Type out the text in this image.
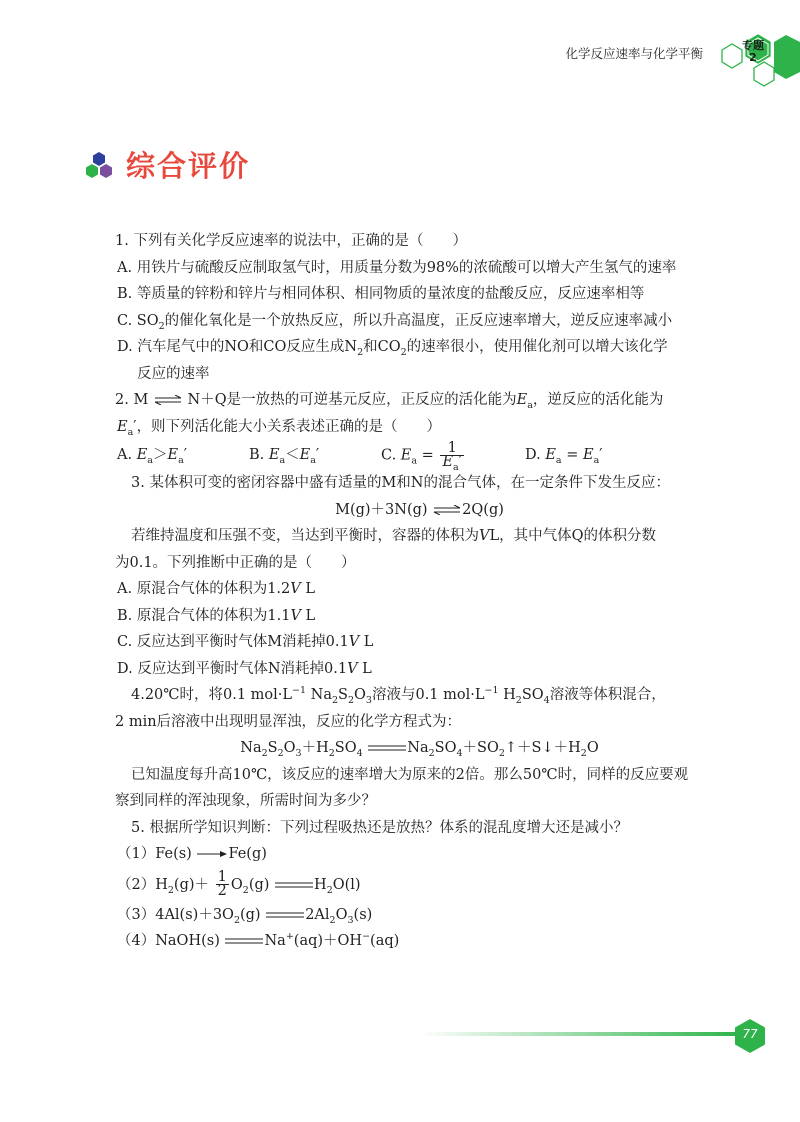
化学反应速率与化学平衡
专题
2
综合评价
1. 下列有关化学反应速率的说法中，正确的是（　　）
A. 用铁片与硫酸反应制取氢气时，用质量分数为98%的浓硫酸可以增大产生氢气的速率
B. 等质量的锌粉和锌片与相同体积、相同物质的量浓度的盐酸反应，反应速率相等
C. $SO_2$的催化氧化是一个放热反应，所以升高温度，正反应速率增大，逆反应速率减小
D. 汽车尾气中的NO和CO反应生成$N_2$和$CO_2$的速率很小，使用催化剂可以增大该化学
反应的速率
2. M ⇌ N＋Q是一放热的可逆基元反应，正反应的活化能为$E_a$，逆反应的活化能为
$E_a'$，则下列活化能大小关系表述正确的是（　　）
A. $E_a>E_a'$	B. $E_a<E_a'$	C. $E_a = \frac{1}{E_a'}$	D. $E_a = E_a'$
3. 某体积可变的密闭容器中盛有适量的M和N的混合气体，在一定条件下发生反应：
M(g)＋3N(g) ⇌2Q(g)
若维持温度和压强不变，当达到平衡时，容器的体积为VL，其中气体Q的体积分数
为0.1。下列推断中正确的是（　　）
A. 原混合气体的体积为1.2V L
B. 原混合气体的体积为1.1V L
C. 反应达到平衡时气体M消耗掉0.1V L
D. 反应达到平衡时气体N消耗掉0.1V L
4.20℃时，将0.1 $mol\cdot L^{-1}$ $Na_2S_2O_3$溶液与0.1 $mol\cdot L^{-1}$ $H_2SO_4$溶液等体积混合，
2 min后溶液中出现明显浑浊，反应的化学方程式为：
$Na_2S_2O_3+H_2SO_4$	$Na_2SO_4+SO_2↑+S↓+H_2O$
已知温度每升高10℃，该反应的速率增大为原来的2倍。那么50℃时，同样的反应要观
察到同样的浑浊现象，所需时间为多少？
5. 根据所学知识判断：下列过程吸热还是放热？体系的混乱度增大还是减小？
（1）Fe(s)	Fe(g)
$(2)H_2(g)+ \frac{1}{2} O_2(g)$	$H_2O(l)$
$(3)4Al(s)+3O_2(g)$	$2Al_2O_3(s)$
（4）NaOH(s)	Na+(aq)＋OH−(aq)
77
